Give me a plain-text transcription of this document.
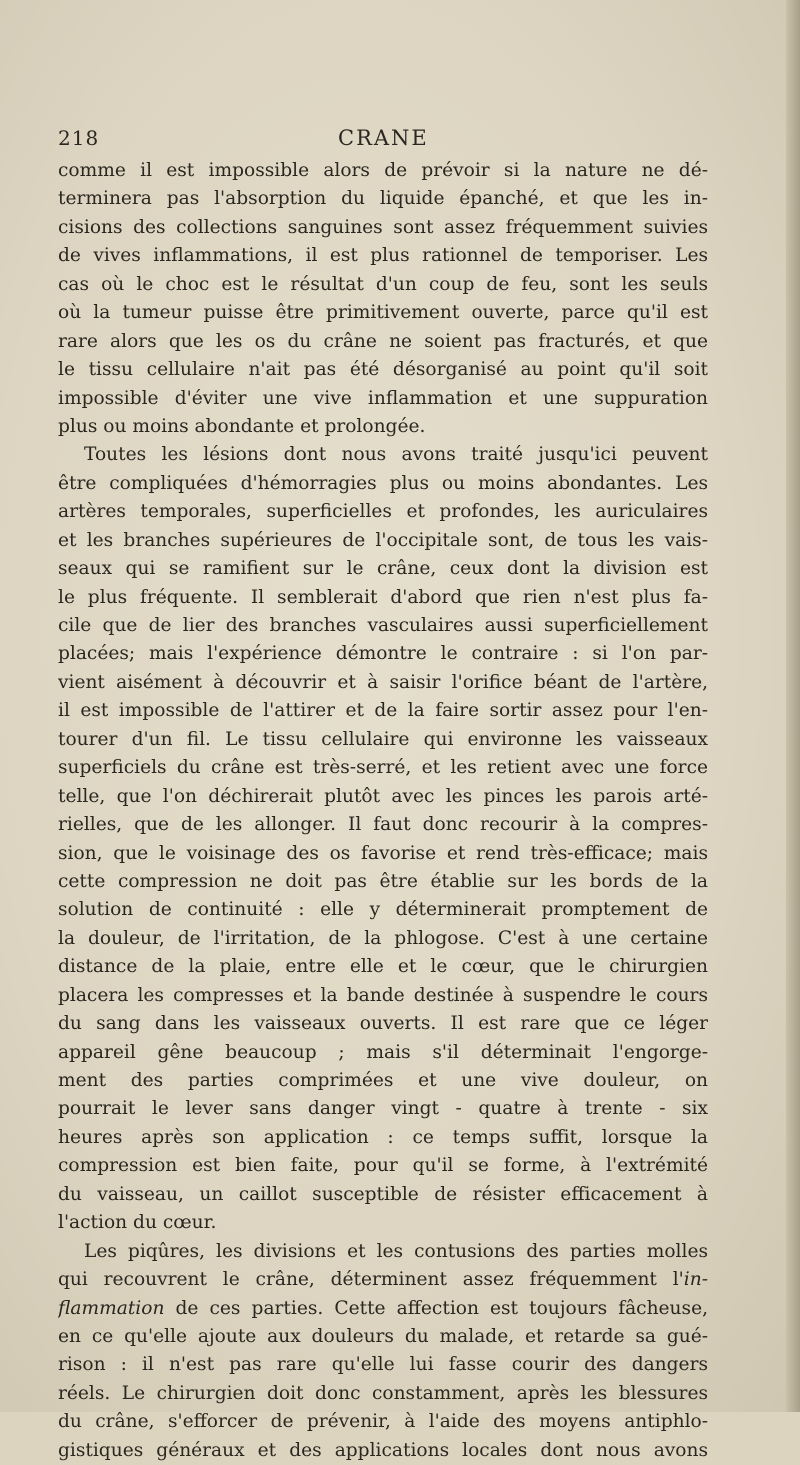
218	CRANE
comme il est impossible alors de prévoir si la nature ne dé-
terminera pas l'absorption du liquide épanché, et que les in-
cisions des collections sanguines sont assez fréquemment suivies
de vives inflammations, il est plus rationnel de temporiser. Les
cas où le choc est le résultat d'un coup de feu, sont les seuls
où la tumeur puisse être primitivement ouverte, parce qu'il est
rare alors que les os du crâne ne soient pas fracturés, et que
le tissu cellulaire n'ait pas été désorganisé au point qu'il soit
impossible d'éviter une vive inflammation et une suppuration
plus ou moins abondante et prolongée.
Toutes les lésions dont nous avons traité jusqu'ici peuvent
être compliquées d'hémorragies plus ou moins abondantes. Les
artères temporales, superficielles et profondes, les auriculaires
et les branches supérieures de l'occipitale sont, de tous les vais-
seaux qui se ramifient sur le crâne, ceux dont la division est
le plus fréquente. Il semblerait d'abord que rien n'est plus fa-
cile que de lier des branches vasculaires aussi superficiellement
placées; mais l'expérience démontre le contraire : si l'on par-
vient aisément à découvrir et à saisir l'orifice béant de l'artère,
il est impossible de l'attirer et de la faire sortir assez pour l'en-
tourer d'un fil. Le tissu cellulaire qui environne les vaisseaux
superficiels du crâne est très-serré, et les retient avec une force
telle, que l'on déchirerait plutôt avec les pinces les parois arté-
rielles, que de les allonger. Il faut donc recourir à la compres-
sion, que le voisinage des os favorise et rend très-efficace; mais
cette compression ne doit pas être établie sur les bords de la
solution de continuité : elle y déterminerait promptement de
la douleur, de l'irritation, de la phlogose. C'est à une certaine
distance de la plaie, entre elle et le cœur, que le chirurgien
placera les compresses et la bande destinée à suspendre le cours
du sang dans les vaisseaux ouverts. Il est rare que ce léger
appareil gêne beaucoup ; mais s'il déterminait l'engorge-
ment des parties comprimées et une vive douleur, on
pourrait le lever sans danger vingt - quatre à trente - six
heures après son application : ce temps suffit, lorsque la
compression est bien faite, pour qu'il se forme, à l'extrémité
du vaisseau, un caillot susceptible de résister efficacement à
l'action du cœur.
Les piqûres, les divisions et les contusions des parties molles
qui recouvrent le crâne, déterminent assez fréquemment l'in-
flammation de ces parties. Cette affection est toujours fâcheuse,
en ce qu'elle ajoute aux douleurs du malade, et retarde sa gué-
rison : il n'est pas rare qu'elle lui fasse courir des dangers
réels. Le chirurgien doit donc constamment, après les blessures
du crâne, s'efforcer de prévenir, à l'aide des moyens antiphlo-
gistiques généraux et des applications locales dont nous avons
